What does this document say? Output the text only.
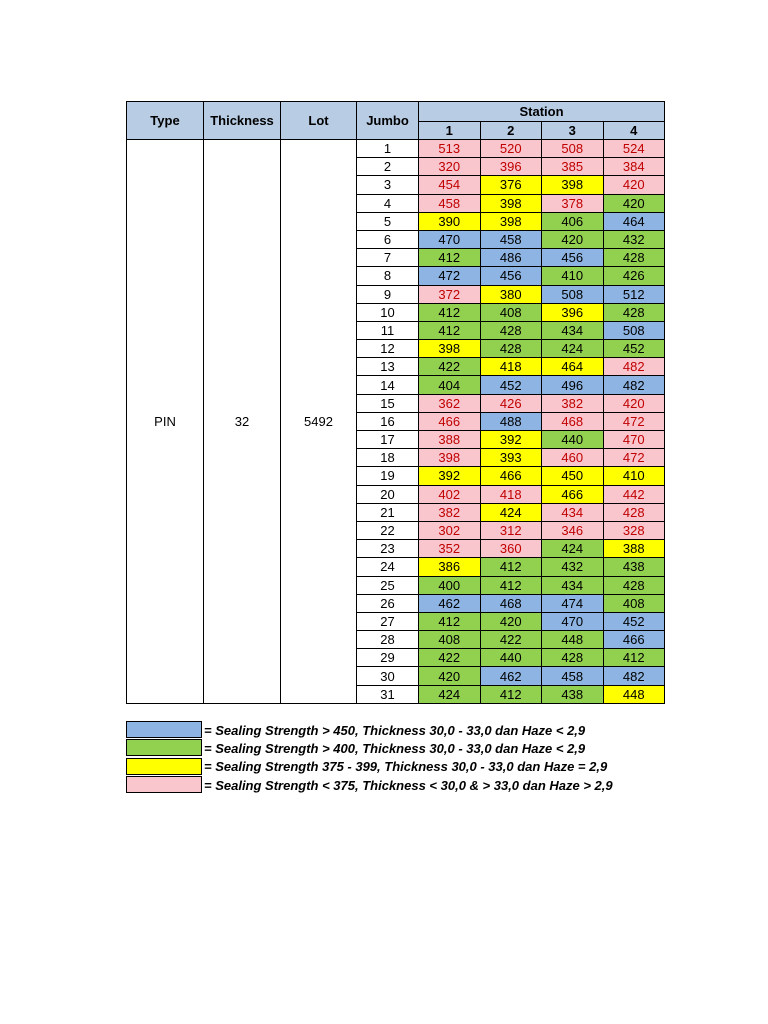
Type	Thickness	Lot	Jumbo	Station			
				1	2	3	4
PIN	32	5492	1	513	520	508	524
			2	320	396	385	384
			3	454	376	398	420
			4	458	398	378	420
			5	390	398	406	464
			6	470	458	420	432
			7	412	486	456	428
			8	472	456	410	426
			9	372	380	508	512
			10	412	408	396	428
			11	412	428	434	508
			12	398	428	424	452
			13	422	418	464	482
			14	404	452	496	482
			15	362	426	382	420
			16	466	488	468	472
			17	388	392	440	470
			18	398	393	460	472
			19	392	466	450	410
			20	402	418	466	442
			21	382	424	434	428
			22	302	312	346	328
			23	352	360	424	388
			24	386	412	432	438
			25	400	412	434	428
			26	462	468	474	408
			27	412	420	470	452
			28	408	422	448	466
			29	422	440	428	412
			30	420	462	458	482
			31	424	412	438	448
= Sealing Strength > 450, Thickness 30,0 - 33,0 dan Haze < 2,9
= Sealing Strength > 400, Thickness 30,0 - 33,0 dan Haze < 2,9
= Sealing Strength 375 - 399, Thickness 30,0 - 33,0 dan Haze = 2,9
= Sealing Strength < 375, Thickness < 30,0 & > 33,0 dan Haze > 2,9
